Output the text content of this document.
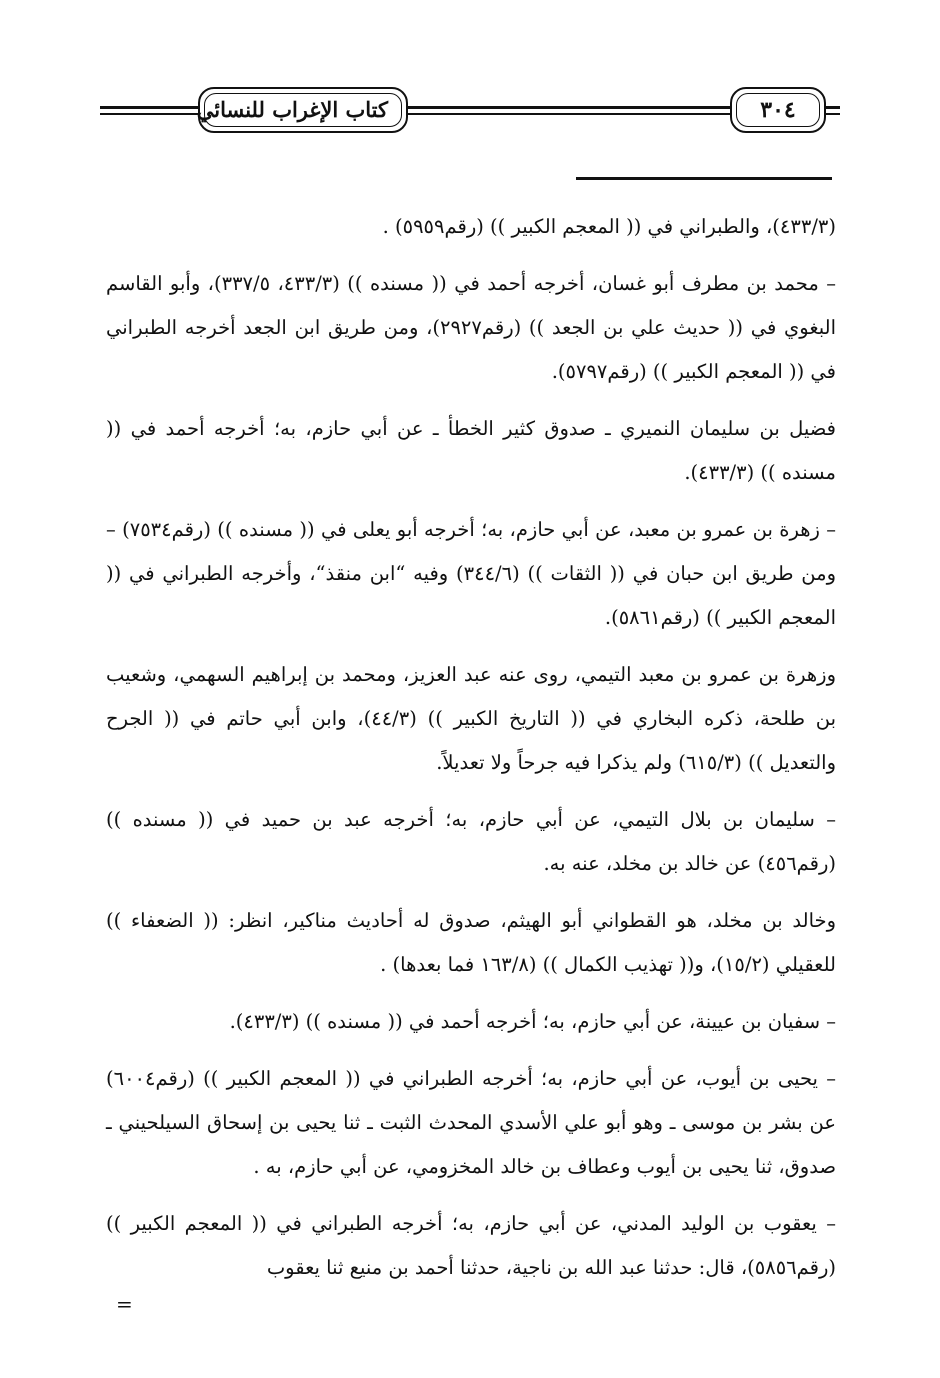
٣٠٤
كتاب الإغراب للنسائي

(٤٣٣/٣)، والطبراني في (( المعجم الكبير )) (رقم٥٩٥٩) .

– محمد بن مطرف أبو غسان، أخرجه أحمد في (( مسنده )) (٤٣٣/٣، ٣٣٧/٥)، وأبو القاسم البغوي في (( حديث علي بن الجعد )) (رقم٢٩٢٧)، ومن طريق ابن الجعد أخرجه الطبراني في (( المعجم الكبير )) (رقم٥٧٩٧).

فضيل بن سليمان النميري ـ صدوق كثير الخطأ ـ عن أبي حازم، به؛ أخرجه أحمد في (( مسنده )) (٤٣٣/٣).

– زهرة بن عمرو بن معبد، عن أبي حازم، به؛ أخرجه أبو يعلى في (( مسنده )) (رقم٧٥٣٤) – ومن طريق ابن حبان في (( الثقات )) (٣٤٤/٦) وفيه “ابن منقذ“، وأخرجه الطبراني في (( المعجم الكبير )) (رقم٥٨٦١).

وزهرة بن عمرو بن معبد التيمي، روى عنه عبد العزيز، ومحمد بن إبراهيم السهمي، وشعيب بن طلحة، ذكره البخاري في (( التاريخ الكبير )) (٤٤/٣)، وابن أبي حاتم في (( الجرح والتعديل )) (٦١٥/٣) ولم يذكرا فيه جرحاً ولا تعديلاً.

– سليمان بن بلال التيمي، عن أبي حازم، به؛ أخرجه عبد بن حميد في (( مسنده )) (رقم٤٥٦) عن خالد بن مخلد، عنه به.

وخالد بن مخلد، هو القطواني أبو الهيثم، صدوق له أحاديث مناكير، انظر: (( الضعفاء )) للعقيلي (١٥/٢)، و(( تهذيب الكمال )) (١٦٣/٨ فما بعدها) .

– سفيان بن عيينة، عن أبي حازم، به؛ أخرجه أحمد في (( مسنده )) (٤٣٣/٣).

– يحيى بن أيوب، عن أبي حازم، به؛ أخرجه الطبراني في (( المعجم الكبير )) (رقم٦٠٠٤) عن بشر بن موسى ـ وهو أبو علي الأسدي المحدث الثبت ـ ثنا يحيى بن إسحاق السيلحيني ـ صدوق، ثنا يحيى بن أيوب وعطاف بن خالد المخزومي، عن أبي حازم، به .

– يعقوب بن الوليد المدني، عن أبي حازم، به؛ أخرجه الطبراني في (( المعجم الكبير )) (رقم٥٨٥٦)، قال: حدثنا عبد الله بن ناجية، حدثنا أحمد بن منيع ثنا يعقوب

=
